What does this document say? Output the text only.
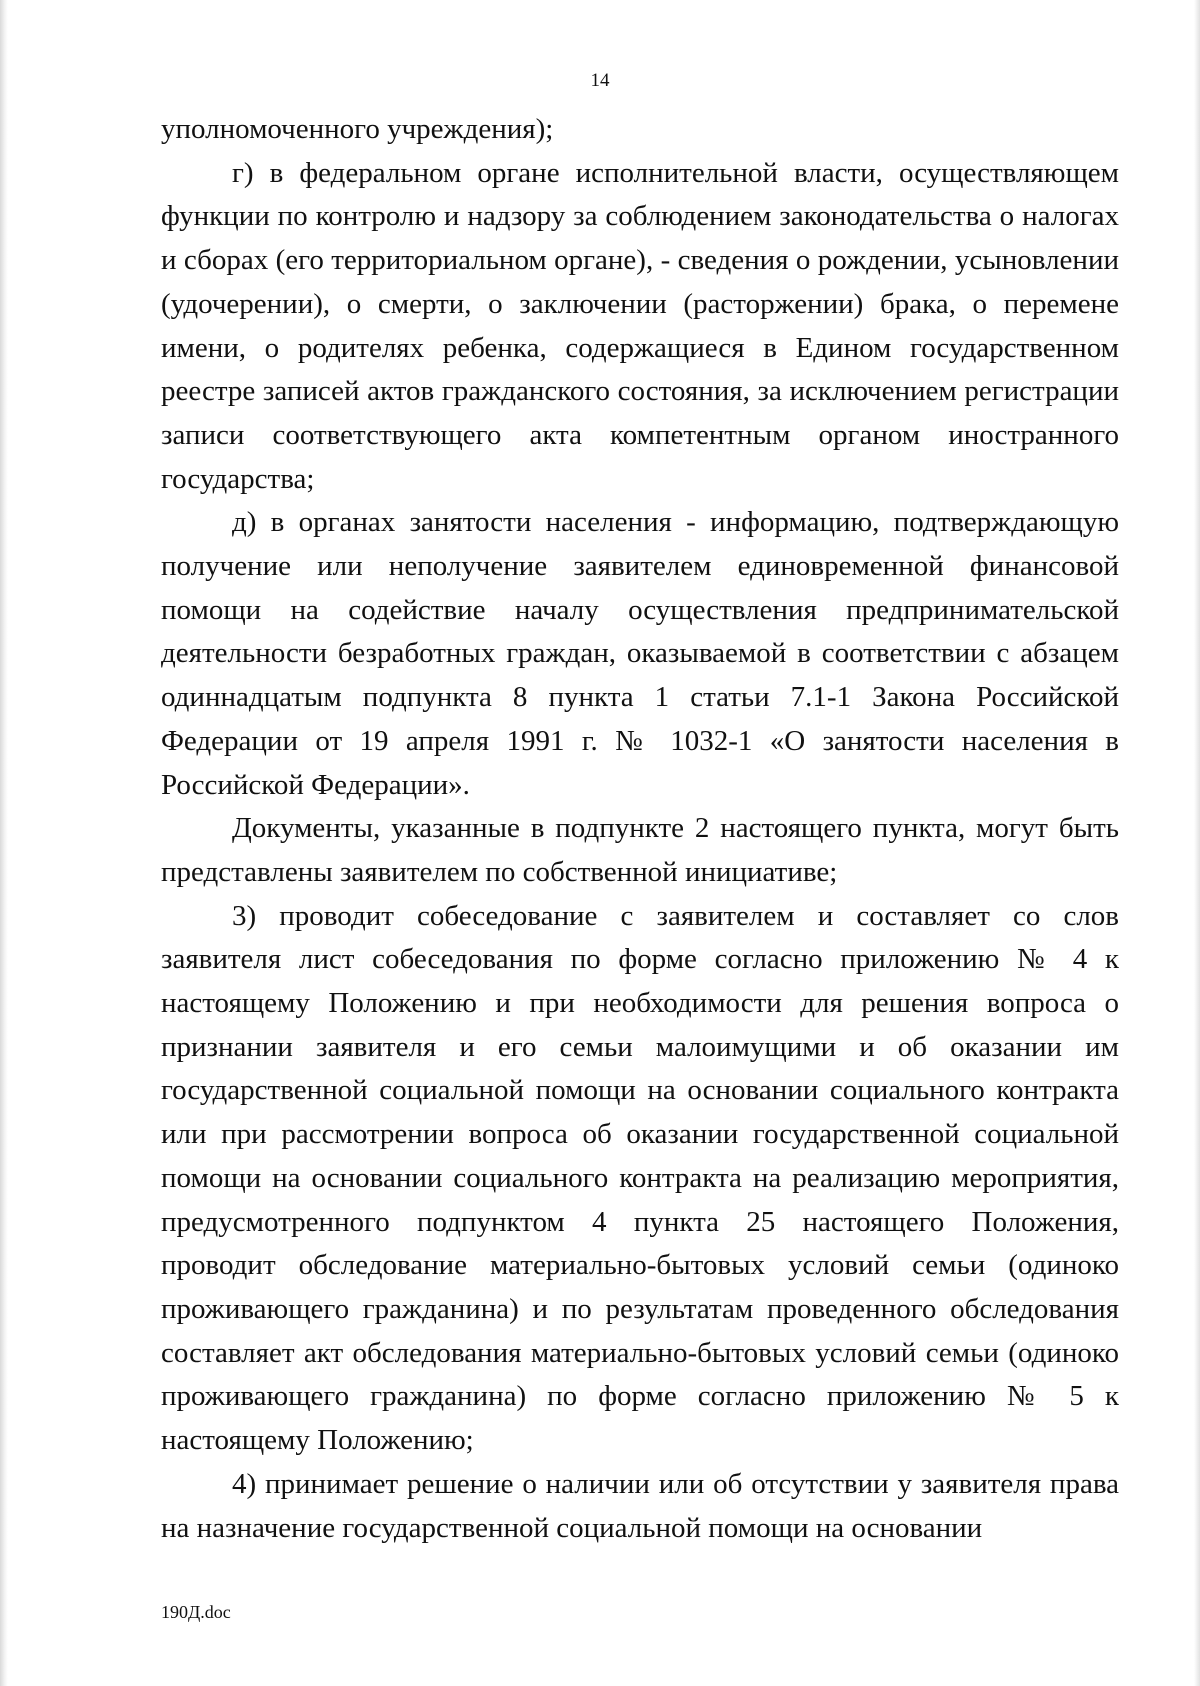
14

уполномоченного учреждения);

г) в федеральном органе исполнительной власти, осуществляющем функции по контролю и надзору за соблюдением законодательства о налогах и сборах (его территориальном органе), - сведения о рождении, усыновлении (удочерении), о смерти, о заключении (расторжении) брака, о перемене имени, о родителях ребенка, содержащиеся в Едином государственном реестре записей актов гражданского состояния, за исключением регистрации записи соответствующего акта компетентным органом иностранного государства;

д) в органах занятости населения - информацию, подтверждающую получение или неполучение заявителем единовременной финансовой помощи на содействие началу осуществления предпринимательской деятельности безработных граждан, оказываемой в соответствии с абзацем одиннадцатым подпункта 8 пункта 1 статьи 7.1-1 Закона Российской Федерации от 19 апреля 1991 г. № 1032-1 «О занятости населения в Российской Федерации».

Документы, указанные в подпункте 2 настоящего пункта, могут быть представлены заявителем по собственной инициативе;

3) проводит собеседование с заявителем и составляет со слов заявителя лист собеседования по форме согласно приложению № 4 к настоящему Положению и при необходимости для решения вопроса о признании заявителя и его семьи малоимущими и об оказании им государственной социальной помощи на основании социального контракта или при рассмотрении вопроса об оказании государственной социальной помощи на основании социального контракта на реализацию мероприятия, предусмотренного подпунктом 4 пункта 25 настоящего Положения, проводит обследование материально-бытовых условий семьи (одиноко проживающего гражданина) и по результатам проведенного обследования составляет акт обследования материально-бытовых условий семьи (одиноко проживающего гражданина) по форме согласно приложению № 5 к настоящему Положению;

4) принимает решение о наличии или об отсутствии у заявителя права на назначение государственной социальной помощи на основании

190Д.doc
